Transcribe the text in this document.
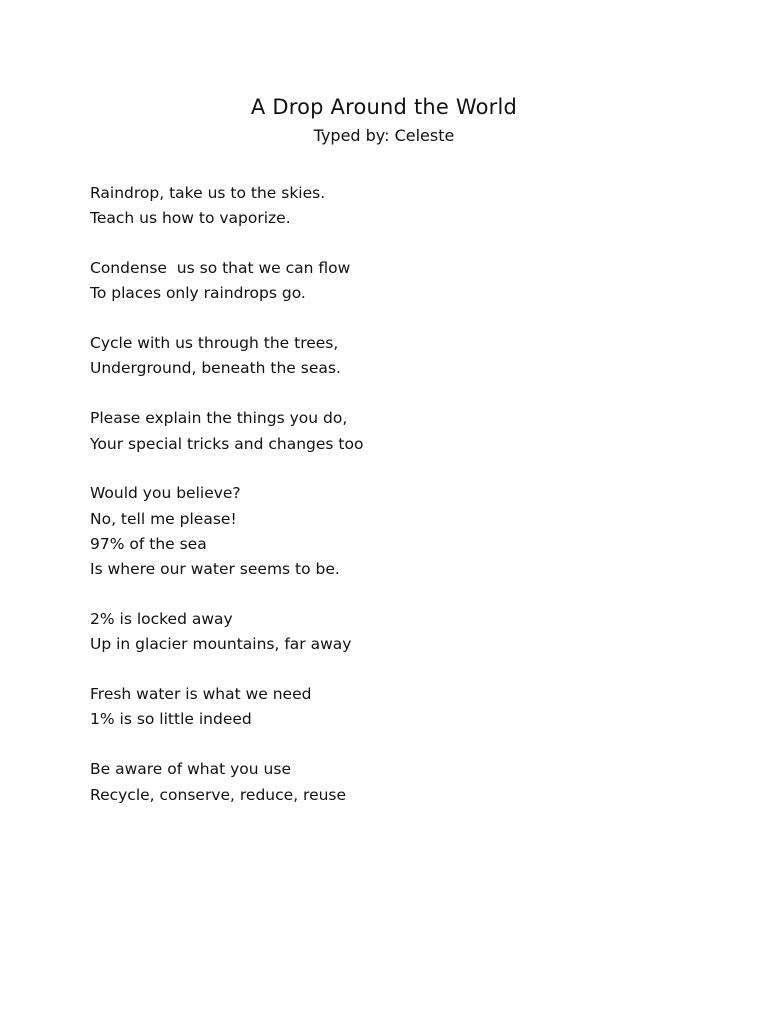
A Drop Around the World

Typed by: Celeste

Raindrop, take us to the skies.
Teach us how to vaporize.
Condense  us so that we can flow
To places only raindrops go.
Cycle with us through the trees,
Underground, beneath the seas.
Please explain the things you do,
Your special tricks and changes too
Would you believe?
No, tell me please!
97% of the sea
Is where our water seems to be.
2% is locked away
Up in glacier mountains, far away
Fresh water is what we need
1% is so little indeed
Be aware of what you use
Recycle, conserve, reduce, reuse
